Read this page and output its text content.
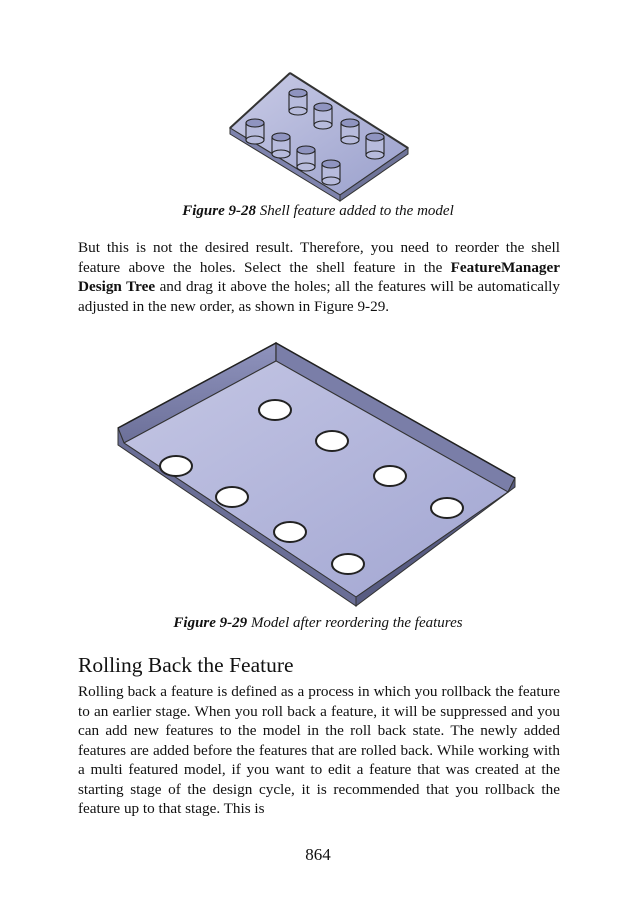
Figure 9-28 Shell feature added to the model
But this is not the desired result. Therefore, you need to reorder the shell feature above the holes. Select the shell feature in the FeatureManager Design Tree and drag it above the holes; all the features will be automatically adjusted in the new order, as shown in Figure 9-29.
Figure 9-29 Model after reordering the features
Rolling Back the Feature
Rolling back a feature is defined as a process in which you rollback the feature to an earlier stage. When you roll back a feature, it will be suppressed and you can add new features to the model in the roll back state. The newly added features are added before the features that are rolled back. While working with a multi featured model, if you want to edit a feature that was created at the starting stage of the design cycle, it is recommended that you rollback the feature up to that stage. This is
864
